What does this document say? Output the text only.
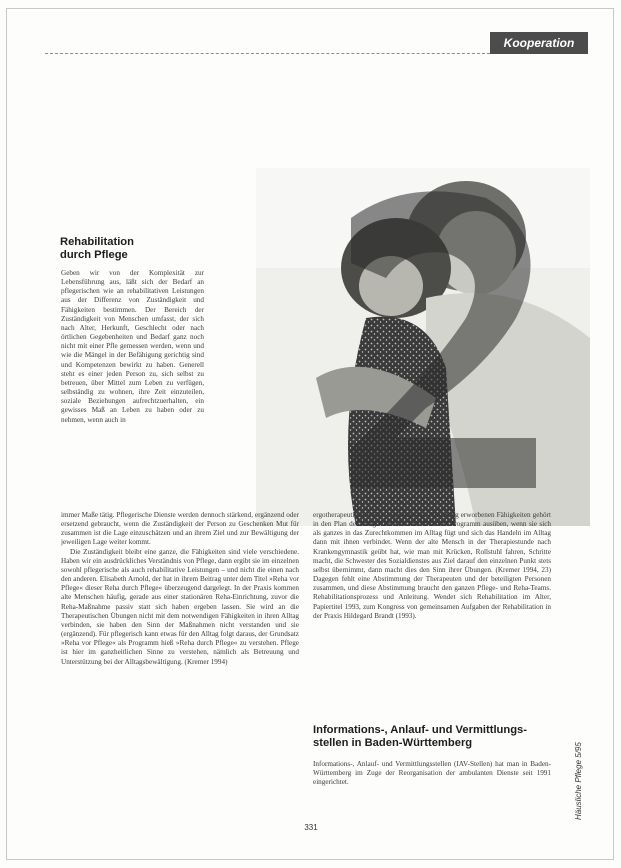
Kooperation
Rehabilitation
durch Pflege

Geben wir von der Komplexität zur Lebensführung aus, läßt sich der Bedarf an pflegerischen wie an rehabilitativen Leistungen aus der Differenz von Zuständigkeit und Fähigkeiten bestimmen. Der Bereich der Zuständigkeit von Menschen umfasst, der sich nach Alter, Herkunft, Geschlecht oder nach örtlichen Gegebenheiten und Bedarf ganz noch nicht mit einer Pfle gemessen werden, wenn und wie die Mängel in der Befähigung gerichtig sind und Kompetenzen bewirkt zu haben. Generell steht es einer jeden Person zu, sich selbst zu betreuen, über Mittel zum Leben zu verfügen, selbständig zu wohnen, ihre Zeit einzuteilen, soziale Beziehungen aufrechtzuerhalten, ein gewisses Maß an Leben zu haben oder zu nehmen, wenn auch in

immer Maße tätig. Pflegerische Dienste werden dennoch stärkend, ergänzend oder ersetzend gebraucht, wenn die Zuständigkeit der Person zu Geschenken Mut für zusammen ist die Lage einzuschätzen und an ihrem Ziel und zur Bewältigung der jeweiligen Lage weiter kommt.

Die Zuständigkeit bleibt eine ganze, die Fähigkeiten sind viele verschiedene. Haben wir ein ausdrückliches Verständnis von Pflege, dann ergibt sie im einzelnen sowohl pflegerische als auch rehabilitative Leistungen – und nicht die einen nach den anderen. Elisabeth Arnold, der hat in ihrem Beitrag unter dem Titel »Reha vor Pflege« dieser Reha durch Pflege« überzeugend dargelegt. In der Praxis kommen alte Menschen häufig, gerade aus einer stationären Reha-Einrichtung, zuvor die Reha-Maßnahme passiv statt sich haben ergeben lassen. Sie wird an die Therapeutischen Übungen nicht mit dem notwendigen Fähigkeiten in ihren Alltag verbinden, sie haben den Sinn der Maßnahmen nicht verstanden und sie (ergänzend). Für pflegerisch kann etwas für den Alltag folgt daraus, der Grundsatz »Reha vor Pflege« als Programm hieß »Reha durch Pflege« zu verstehen. Pflege ist hier im ganzheitlichen Sinne zu verstehen, nämlich als Betreuung und Unterstützung bei der Alltagsbewältigung. (Kremer 1994)

ergotherapeutischer oder logopädischer Förderung erworbenen Fähigkeiten gehört in den Plan der Pflege und läßt sich in einem Programm ausüben, wenn sie sich als ganzes in das Zurechtkommen im Alltag fügt und sich das Handeln im Alltag dann mit ihnen verbindet. Wenn der alte Mensch in der Therapiestunde nach Krankengymnastik geübt hat, wie man mit Krücken, Rollstuhl fahren, Schritte macht, die Schwester des Sozialdienstes aus Ziel darauf den einzelnen Punkt stets selbst übernimmt, dann macht dies den Sinn ihrer Übungen. (Kremer 1994, 23) Dagegen fehlt eine Abstimmung der Therapeuten und der beteiligten Personen zusammen, und diese Abstimmung braucht den ganzen Pflege- und Reha-Teams. Rehabilitationsprozess und Anleitung. Wendet sich Rehabilitation im Alter, Papiertitel 1993, zum Kongress von gemeinsamen Aufgaben der Rehabilitation in der Praxis Hildegard Brandt (1993).

Informations-, Anlauf- und Vermittlungs-
stellen in Baden-Württemberg

Informations-, Anlauf- und Vermittlungsstellen (IAV-Stellen) hat man in Baden-Württemberg im Zuge der Reorganisation der ambulanten Dienste seit 1991 eingerichtet.	Häusliche Pflege 5/95
331
